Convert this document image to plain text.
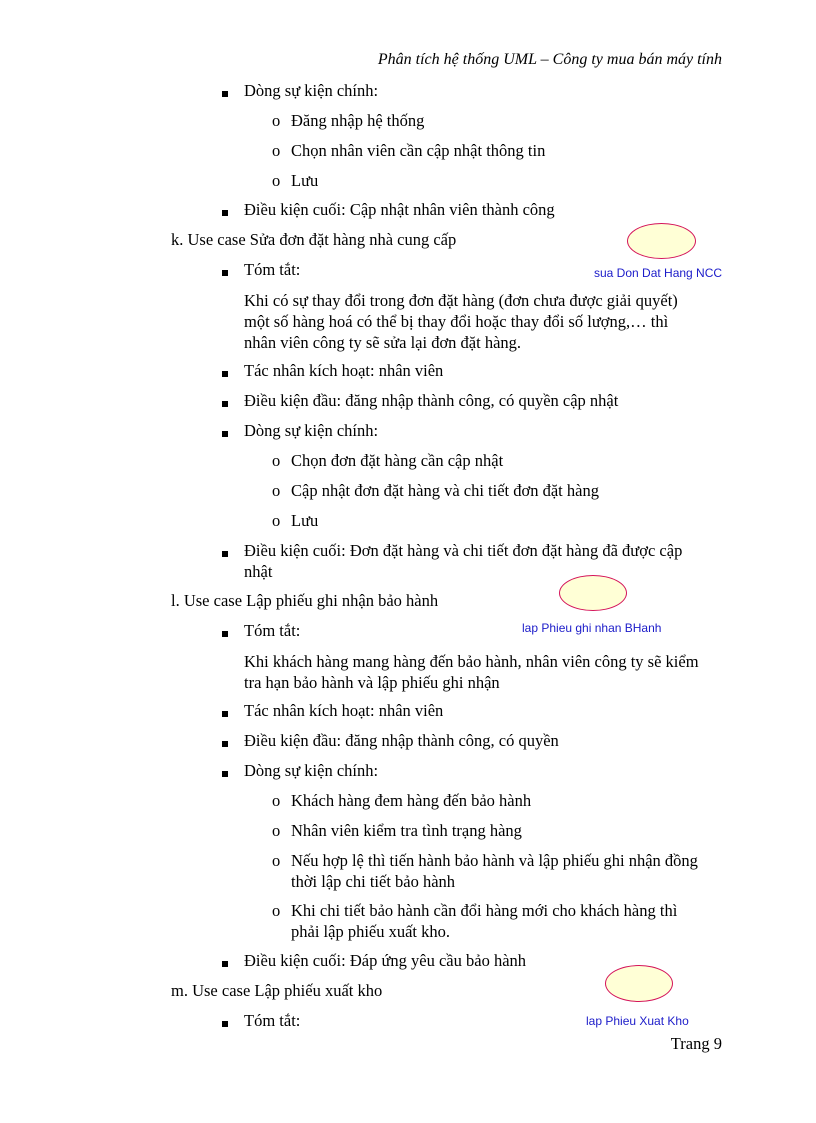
Phân tích hệ thống UML – Công ty mua bán máy tính
Dòng sự kiện chính:
o Đăng nhập hệ thống
o Chọn nhân viên cần cập nhật thông tin
o Lưu
Điều kiện cuối: Cập nhật nhân viên thành công
k. Use case Sửa đơn đặt hàng nhà cung cấp
sua Don Dat Hang NCC
Tóm tắt:
Khi có sự thay đổi trong đơn đặt hàng (đơn chưa được giải quyết)
một số hàng hoá có thể bị thay đổi hoặc thay đổi số lượng,… thì
nhân viên công ty sẽ sửa lại đơn đặt hàng.
Tác nhân kích hoạt: nhân viên
Điều kiện đầu: đăng nhập thành công, có quyền cập nhật
Dòng sự kiện chính:
o Chọn đơn đặt hàng cần cập nhật
o Cập nhật đơn đặt hàng và chi tiết đơn đặt hàng
o Lưu
Điều kiện cuối: Đơn đặt hàng và chi tiết đơn đặt hàng đã được cập
nhật
l. Use case Lập phiếu ghi nhận bảo hành
lap Phieu ghi nhan BHanh
Tóm tắt:
Khi khách hàng mang hàng đến bảo hành, nhân viên công ty sẽ kiểm
tra hạn bảo hành và lập phiếu ghi nhận
Tác nhân kích hoạt: nhân viên
Điều kiện đầu: đăng nhập thành công, có quyền
Dòng sự kiện chính:
o Khách hàng đem hàng đến bảo hành
o Nhân viên kiểm tra tình trạng hàng
o Nếu hợp lệ thì tiến hành bảo hành và lập phiếu ghi nhận đồng
thời lập chi tiết bảo hành
o Khi chi tiết bảo hành cần đổi hàng mới cho khách hàng thì
phải lập phiếu xuất kho.
Điều kiện cuối: Đáp ứng yêu cầu bảo hành
m. Use case Lập phiếu xuất kho
lap Phieu Xuat Kho
Tóm tắt:
Trang 9
